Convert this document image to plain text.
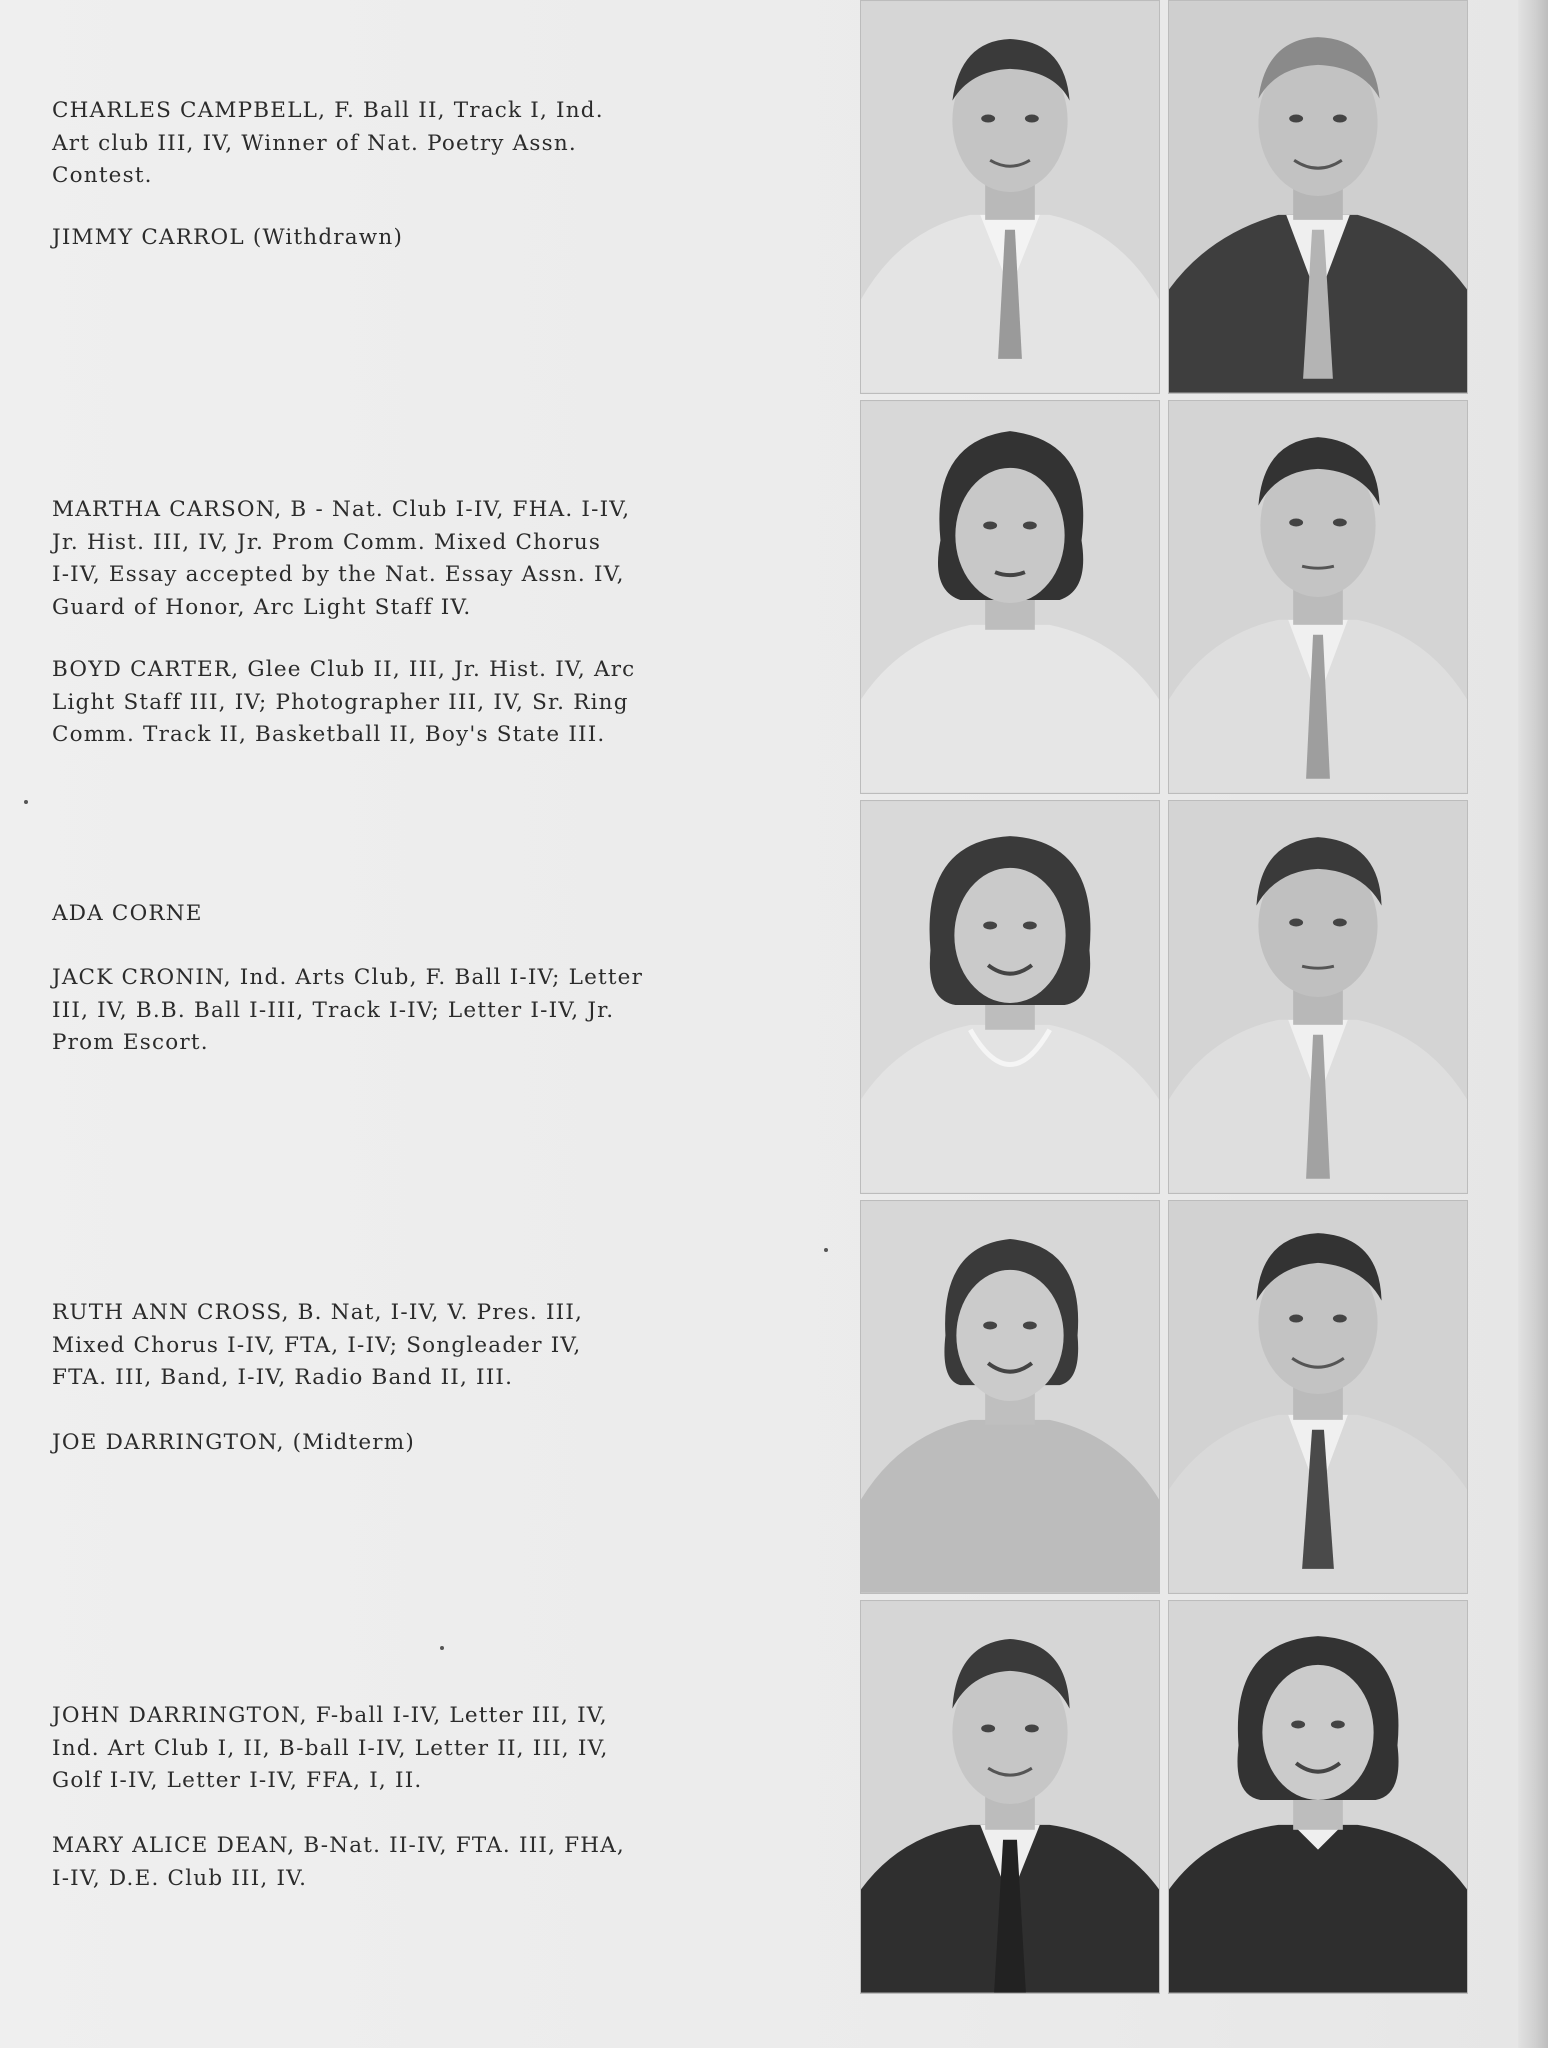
CHARLES CAMPBELL, F. Ball II, Track I, Ind.
Art club III, IV, Winner of Nat. Poetry Assn.
Contest.

JIMMY CARROL (Withdrawn)

MARTHA CARSON, B - Nat. Club I-IV, FHA. I-IV,
Jr. Hist. III, IV, Jr. Prom Comm. Mixed Chorus
I-IV, Essay accepted by the Nat. Essay Assn. IV,
Guard of Honor, Arc Light Staff IV.

BOYD CARTER, Glee Club II, III, Jr. Hist. IV, Arc
Light Staff III, IV; Photographer III, IV, Sr. Ring
Comm. Track II, Basketball II, Boy's State III.

ADA CORNE

JACK CRONIN, Ind. Arts Club, F. Ball I-IV; Letter
III, IV, B.B. Ball I-III, Track I-IV; Letter I-IV, Jr.
Prom Escort.

RUTH ANN CROSS, B. Nat, I-IV, V. Pres. III,
Mixed Chorus I-IV, FTA, I-IV; Songleader IV,
FTA. III, Band, I-IV, Radio Band II, III.

JOE DARRINGTON, (Midterm)

JOHN DARRINGTON, F-ball I-IV, Letter III, IV,
Ind. Art Club I, II, B-ball I-IV, Letter II, III, IV,
Golf I-IV, Letter I-IV, FFA, I, II.

MARY ALICE DEAN, B-Nat. II-IV, FTA. III, FHA,
I-IV, D.E. Club III, IV.
